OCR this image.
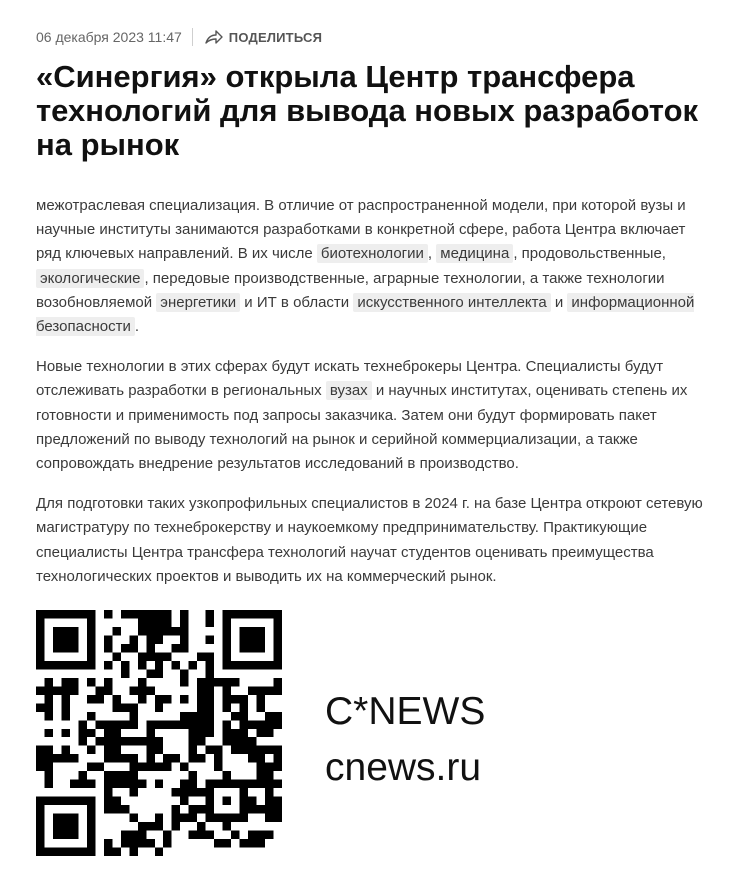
06 декабря 2023 11:47	ПОДЕЛИТЬСЯ
«Синергия» открыла Центр трансфера технологий для вывода новых разработок на рынок

межотраслевая специализация. В отличие от распространенной модели, при которой вузы и научные институты занимаются разработками в конкретной сфере, работа Центра включает ряд ключевых направлений. В их числе биотехнологии , медицина , продовольственные, экологические , передовые производственные, аграрные технологии, а также технологии возобновляемой энергетики и ИТ в области искусственного интеллекта и информационной безопасности .

Новые технологии в этих сферах будут искать технеброкеры Центра. Специалисты будут отслеживать разработки в региональных вузах и научных институтах, оценивать степень их готовности и применимость под запросы заказчика. Затем они будут формировать пакет предложений по выводу технологий на рынок и серийной коммерциализации, а также сопровождать внедрение результатов исследований в производство.

Для подготовки таких узкопрофильных специалистов в 2024 г. на базе Центра откроют сетевую магистратуру по технеброкерству и наукоемкому предпринимательству. Практикующие специалисты Центра трансфера технологий научат студентов оценивать преимущества технологических проектов и выводить их на коммерческий рынок.

C*NEWS
cnews.ru
